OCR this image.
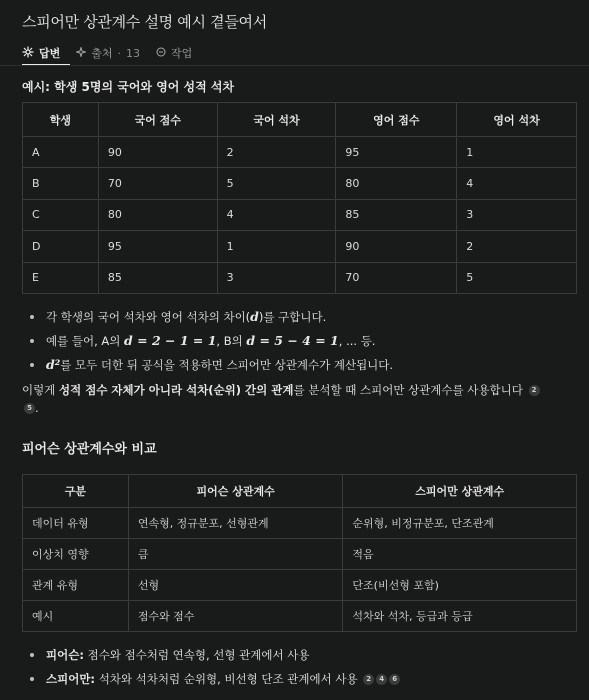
스피어만 상관계수 설명 예시 곁들여서
답변	출처 · 13	작업
예시: 학생 5명의 국어와 영어 성적 석차
학생	국어 점수	국어 석차	영어 점수	영어 석차
A	90	2	95	1
B	70	5	80	4
C	80	4	85	3
D	95	1	90	2
E	85	3	70	5
각 학생의 국어 석차와 영어 석차의 차이(d)를 구합니다.
예를 들어, A의 d = 2 − 1 = 1, B의 d = 5 − 4 = 1, ... 등.
d²를 모두 더한 뒤 공식을 적용하면 스피어만 상관계수가 계산됩니다.
이렇게 성적 점수 자체가 아니라 석차(순위) 간의 관계를 분석할 때 스피어만 상관계수를 사용합니다 25 .
피어슨 상관계수와 비교
구분	피어슨 상관계수	스피어만 상관계수
데이터 유형	연속형, 정규분포, 선형관계	순위형, 비정규분포, 단조관계
이상치 영향	큼	적음
관계 유형	선형	단조(비선형 포함)
예시	점수와 점수	석차와 석차, 등급과 등급
피어슨: 점수와 점수처럼 연속형, 선형 관계에서 사용
스피어만: 석차와 석차처럼 순위형, 비선형 단조 관계에서 사용 2 4 6
